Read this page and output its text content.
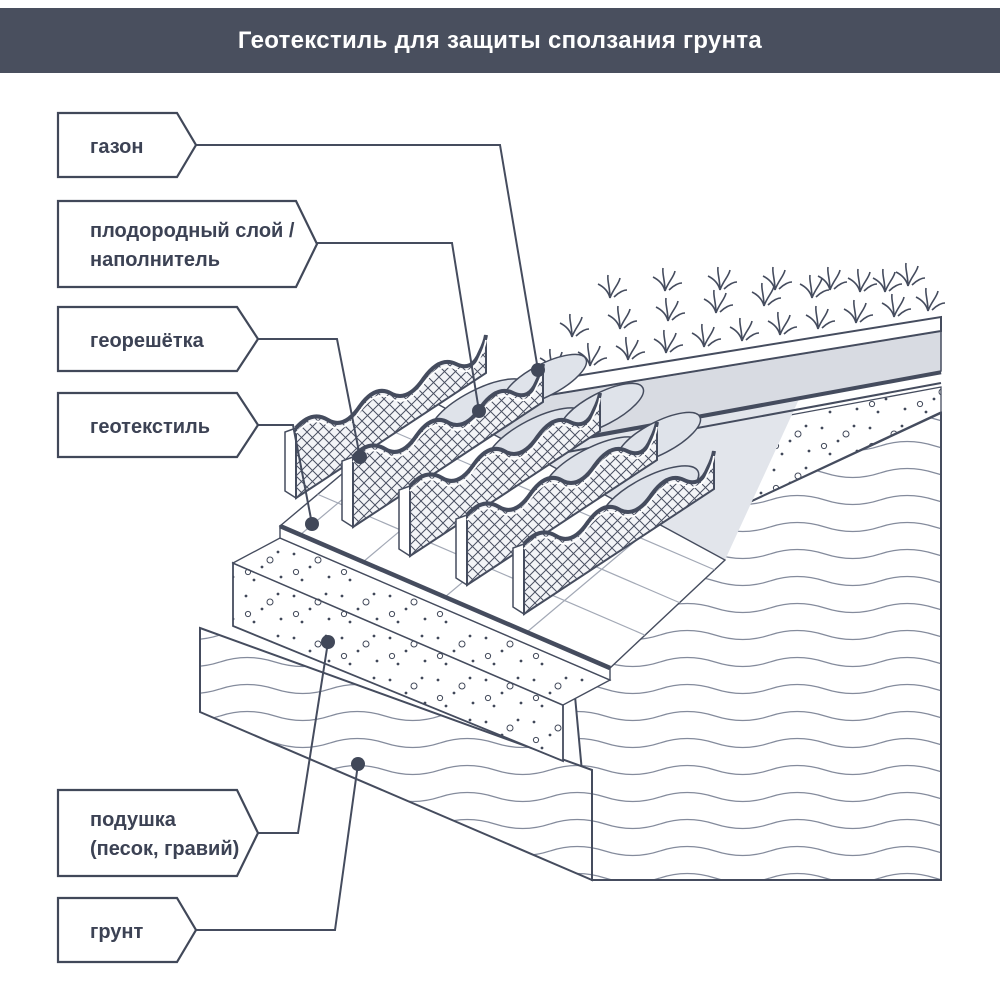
Геотекстиль для защиты сползания грунта
газон
плодородный слой /
наполнитель
георешётка
геотекстиль
подушка
(песок, гравий)
грунт
